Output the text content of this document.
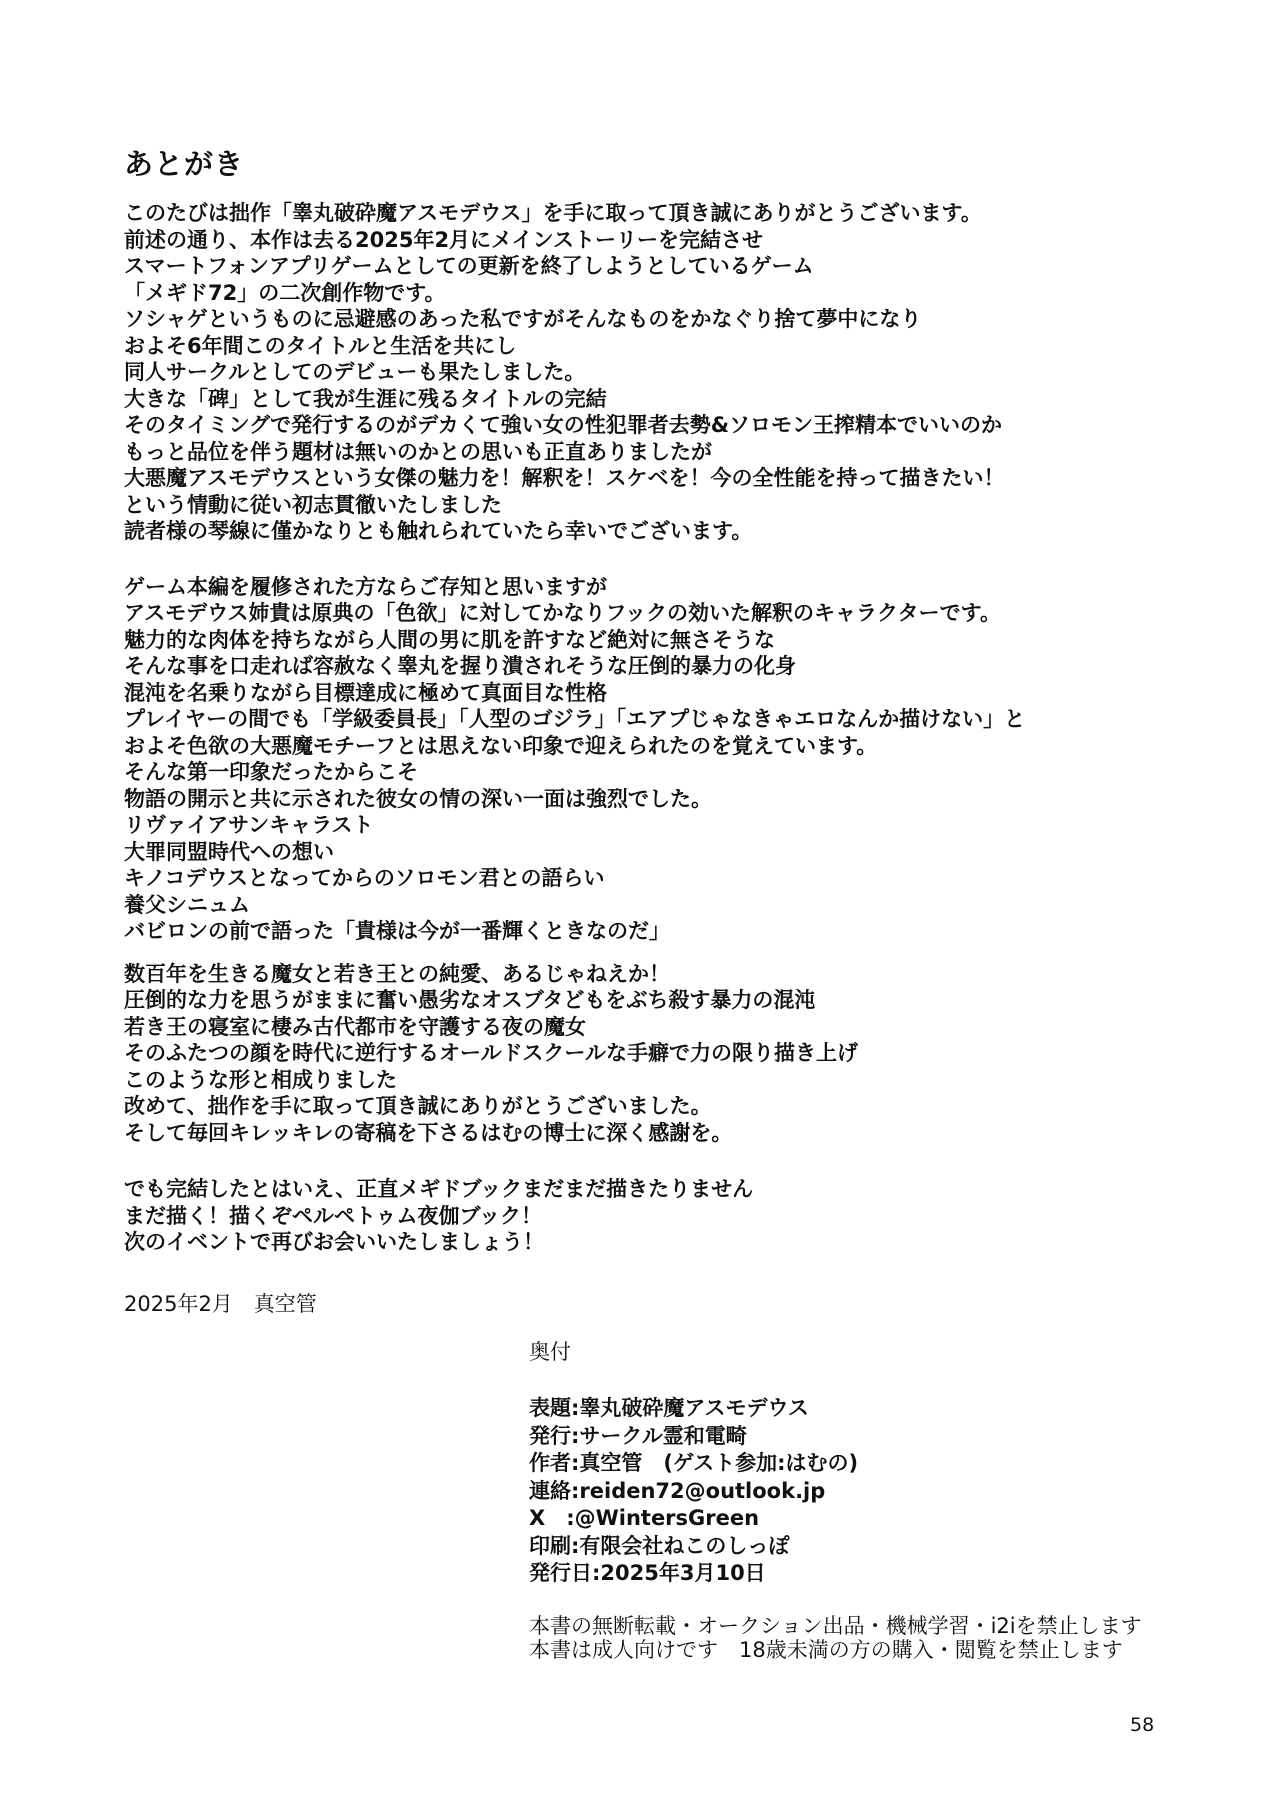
あとがき
このたびは拙作「睾丸破砕魔アスモデウス」を手に取って頂き誠にありがとうございます。
前述の通り、本作は去る2025年2月にメインストーリーを完結させ
スマートフォンアプリゲームとしての更新を終了しようとしているゲーム
「メギド72」の二次創作物です。
ソシャゲというものに忌避感のあった私ですがそんなものをかなぐり捨て夢中になり
およそ6年間このタイトルと生活を共にし
同人サークルとしてのデビューも果たしました。
大きな「碑」として我が生涯に残るタイトルの完結
そのタイミングで発行するのがデカくて強い女の性犯罪者去勢&ソロモン王搾精本でいいのか
もっと品位を伴う題材は無いのかとの思いも正直ありましたが
大悪魔アスモデウスという女傑の魅力を！解釈を！スケベを！今の全性能を持って描きたい！
という情動に従い初志貫徹いたしました
読者様の琴線に僅かなりとも触れられていたら幸いでございます。
ゲーム本編を履修された方ならご存知と思いますが
アスモデウス姉貴は原典の「色欲」に対してかなりフックの効いた解釈のキャラクターです。
魅力的な肉体を持ちながら人間の男に肌を許すなど絶対に無さそうな
そんな事を口走れば容赦なく睾丸を握り潰されそうな圧倒的暴力の化身
混沌を名乗りながら目標達成に極めて真面目な性格
プレイヤーの間でも「学級委員長」「人型のゴジラ」「エアプじゃなきゃエロなんか描けない」と
およそ色欲の大悪魔モチーフとは思えない印象で迎えられたのを覚えています。
そんな第一印象だったからこそ
物語の開示と共に示された彼女の情の深い一面は強烈でした。
リヴァイアサンキャラスト
大罪同盟時代への想い
キノコデウスとなってからのソロモン君との語らい
養父シニュム
バビロンの前で語った「貴様は今が一番輝くときなのだ」
数百年を生きる魔女と若き王との純愛、あるじゃねえか！
圧倒的な力を思うがままに奮い愚劣なオスブタどもをぶち殺す暴力の混沌
若き王の寝室に棲み古代都市を守護する夜の魔女
そのふたつの顔を時代に逆行するオールドスクールな手癖で力の限り描き上げ
このような形と相成りました
改めて、拙作を手に取って頂き誠にありがとうございました。
そして毎回キレッキレの寄稿を下さるはむの博士に深く感謝を。
でも完結したとはいえ、正直メギドブックまだまだ描きたりません
まだ描く！描くぞペルペトゥム夜伽ブック！
次のイベントで再びお会いいたしましょう！
2025年2月　真空管
奥付
表題:睾丸破砕魔アスモデウス
発行:サークル霊和電畸
作者:真空管　(ゲスト参加:はむの)
連絡:reiden72@outlook.jp
X　:@WintersGreen
印刷:有限会社ねこのしっぽ
発行日:2025年3月10日
本書の無断転載・オークション出品・機械学習・i2iを禁止します
本書は成人向けです　18歳未満の方の購入・閲覧を禁止します
58
